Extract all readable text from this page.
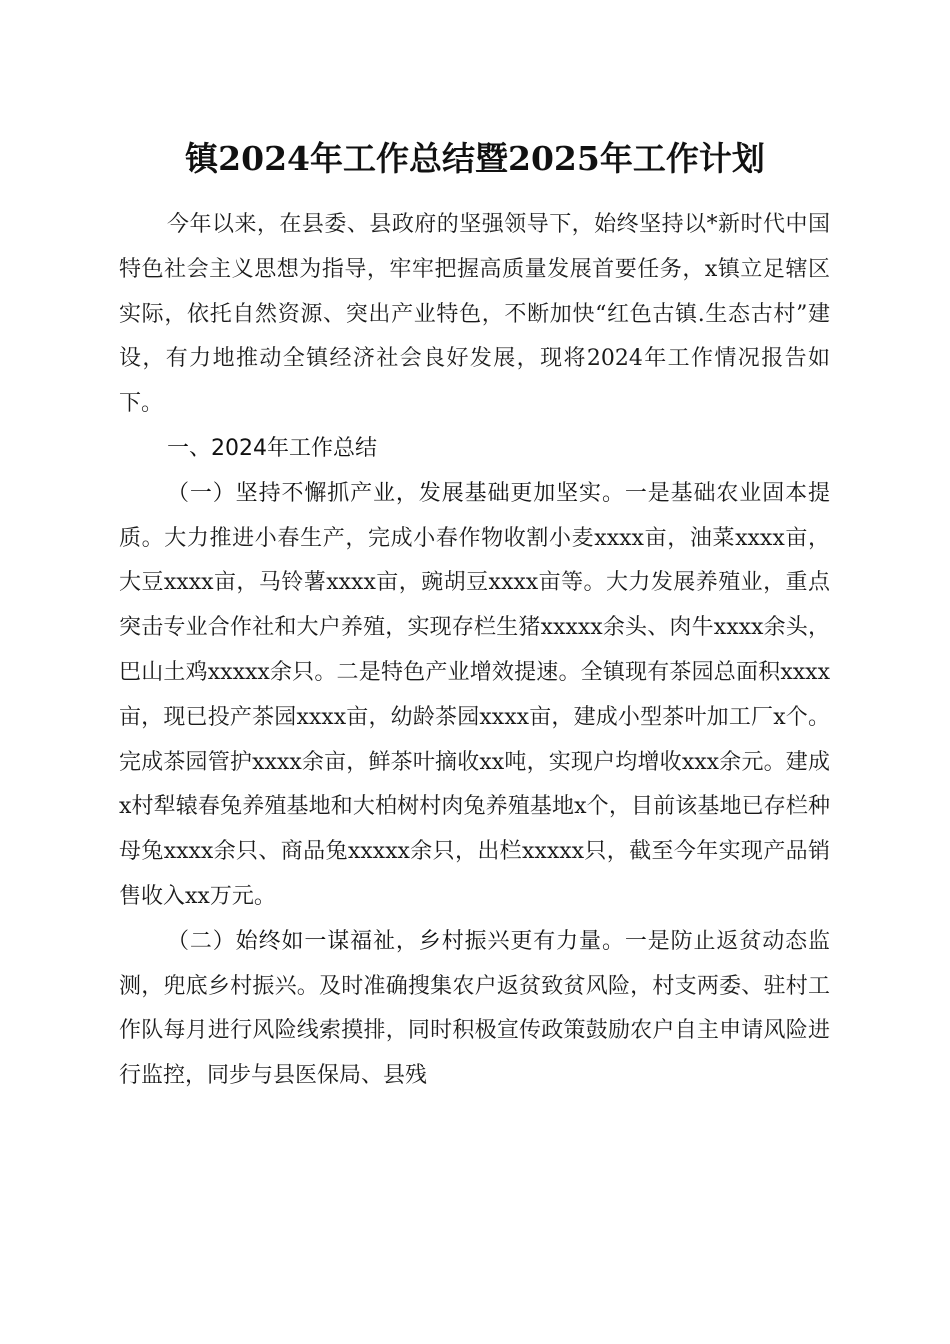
镇2024年工作总结暨2025年工作计划

今年以来，在县委、县政府的坚强领导下，始终坚持以*新时代中国特色社会主义思想为指导，牢牢把握高质量发展首要任务，x镇立足辖区实际，依托自然资源、突出产业特色，不断加快“红色古镇.生态古村”建设，有力地推动全镇经济社会良好发展，现将2024年工作情况报告如下。

一、2024年工作总结

（一）坚持不懈抓产业，发展基础更加坚实。一是基础农业固本提质。大力推进小春生产，完成小春作物收割小麦xxxx亩，油菜xxxx亩，大豆xxxx亩，马铃薯xxxx亩，豌胡豆xxxx亩等。大力发展养殖业，重点突击专业合作社和大户养殖，实现存栏生猪xxxxx余头、肉牛xxxx余头，巴山土鸡xxxxx余只。二是特色产业增效提速。全镇现有茶园总面积xxxx亩，现已投产茶园xxxx亩，幼龄茶园xxxx亩，建成小型茶叶加工厂x个。完成茶园管护xxxx余亩，鲜茶叶摘收xx吨，实现户均增收xxx余元。建成x村犁辕春兔养殖基地和大柏树村肉兔养殖基地x个，目前该基地已存栏种母兔xxxx余只、商品兔xxxxx余只，出栏xxxxx只，截至今年实现产品销售收入xx万元。

（二）始终如一谋福祉，乡村振兴更有力量。一是防止返贫动态监测，兜底乡村振兴。及时准确搜集农户返贫致贫风险，村支两委、驻村工作队每月进行风险线索摸排，同时积极宣传政策鼓励农户自主申请风险进行监控，同步与县医保局、县残
